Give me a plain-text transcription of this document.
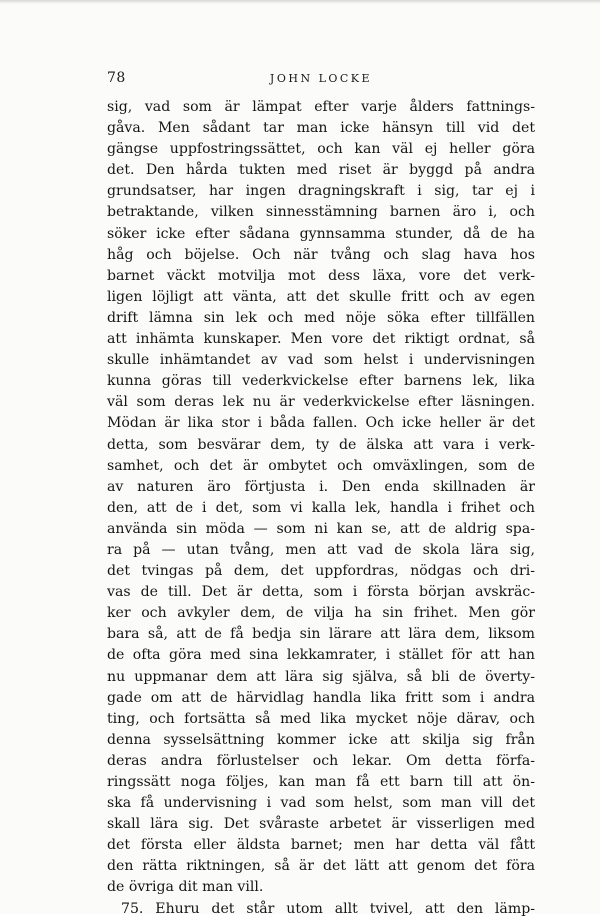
78	JOHN LOCKE
sig, vad som är lämpat efter varje ålders fattnings-
gåva. Men sådant tar man icke hänsyn till vid det
gängse uppfostringssättet, och kan väl ej heller göra
det. Den hårda tukten med riset är byggd på andra
grundsatser, har ingen dragningskraft i sig, tar ej i
betraktande, vilken sinnesstämning barnen äro i, och
söker icke efter sådana gynnsamma stunder, då de ha
håg och böjelse. Och när tvång och slag hava hos
barnet väckt motvilja mot dess läxa, vore det verk-
ligen löjligt att vänta, att det skulle fritt och av egen
drift lämna sin lek och med nöje söka efter tillfällen
att inhämta kunskaper. Men vore det riktigt ordnat, så
skulle inhämtandet av vad som helst i undervisningen
kunna göras till vederkvickelse efter barnens lek, lika
väl som deras lek nu är vederkvickelse efter läsningen.
Mödan är lika stor i båda fallen. Och icke heller är det
detta, som besvärar dem, ty de älska att vara i verk-
samhet, och det är ombytet och omväxlingen, som de
av naturen äro förtjusta i. Den enda skillnaden är
den, att de i det, som vi kalla lek, handla i frihet och
använda sin möda — som ni kan se, att de aldrig spa-
ra på — utan tvång, men att vad de skola lära sig,
det tvingas på dem, det uppfordras, nödgas och dri-
vas de till. Det är detta, som i första början avskräc-
ker och avkyler dem, de vilja ha sin frihet. Men gör
bara så, att de få bedja sin lärare att lära dem, liksom
de ofta göra med sina lekkamrater, i stället för att han
nu uppmanar dem att lära sig själva, så bli de överty-
gade om att de härvidlag handla lika fritt som i andra
ting, och fortsätta så med lika mycket nöje därav, och
denna sysselsättning kommer icke att skilja sig från
deras andra förlustelser och lekar. Om detta förfa-
ringssätt noga följes, kan man få ett barn till att ön-
ska få undervisning i vad som helst, som man vill det
skall lära sig. Det svåraste arbetet är visserligen med
det första eller äldsta barnet; men har detta väl fått
den rätta riktningen, så är det lätt att genom det föra
de övriga dit man vill.
75. Ehuru det står utom allt tvivel, att den lämp-
